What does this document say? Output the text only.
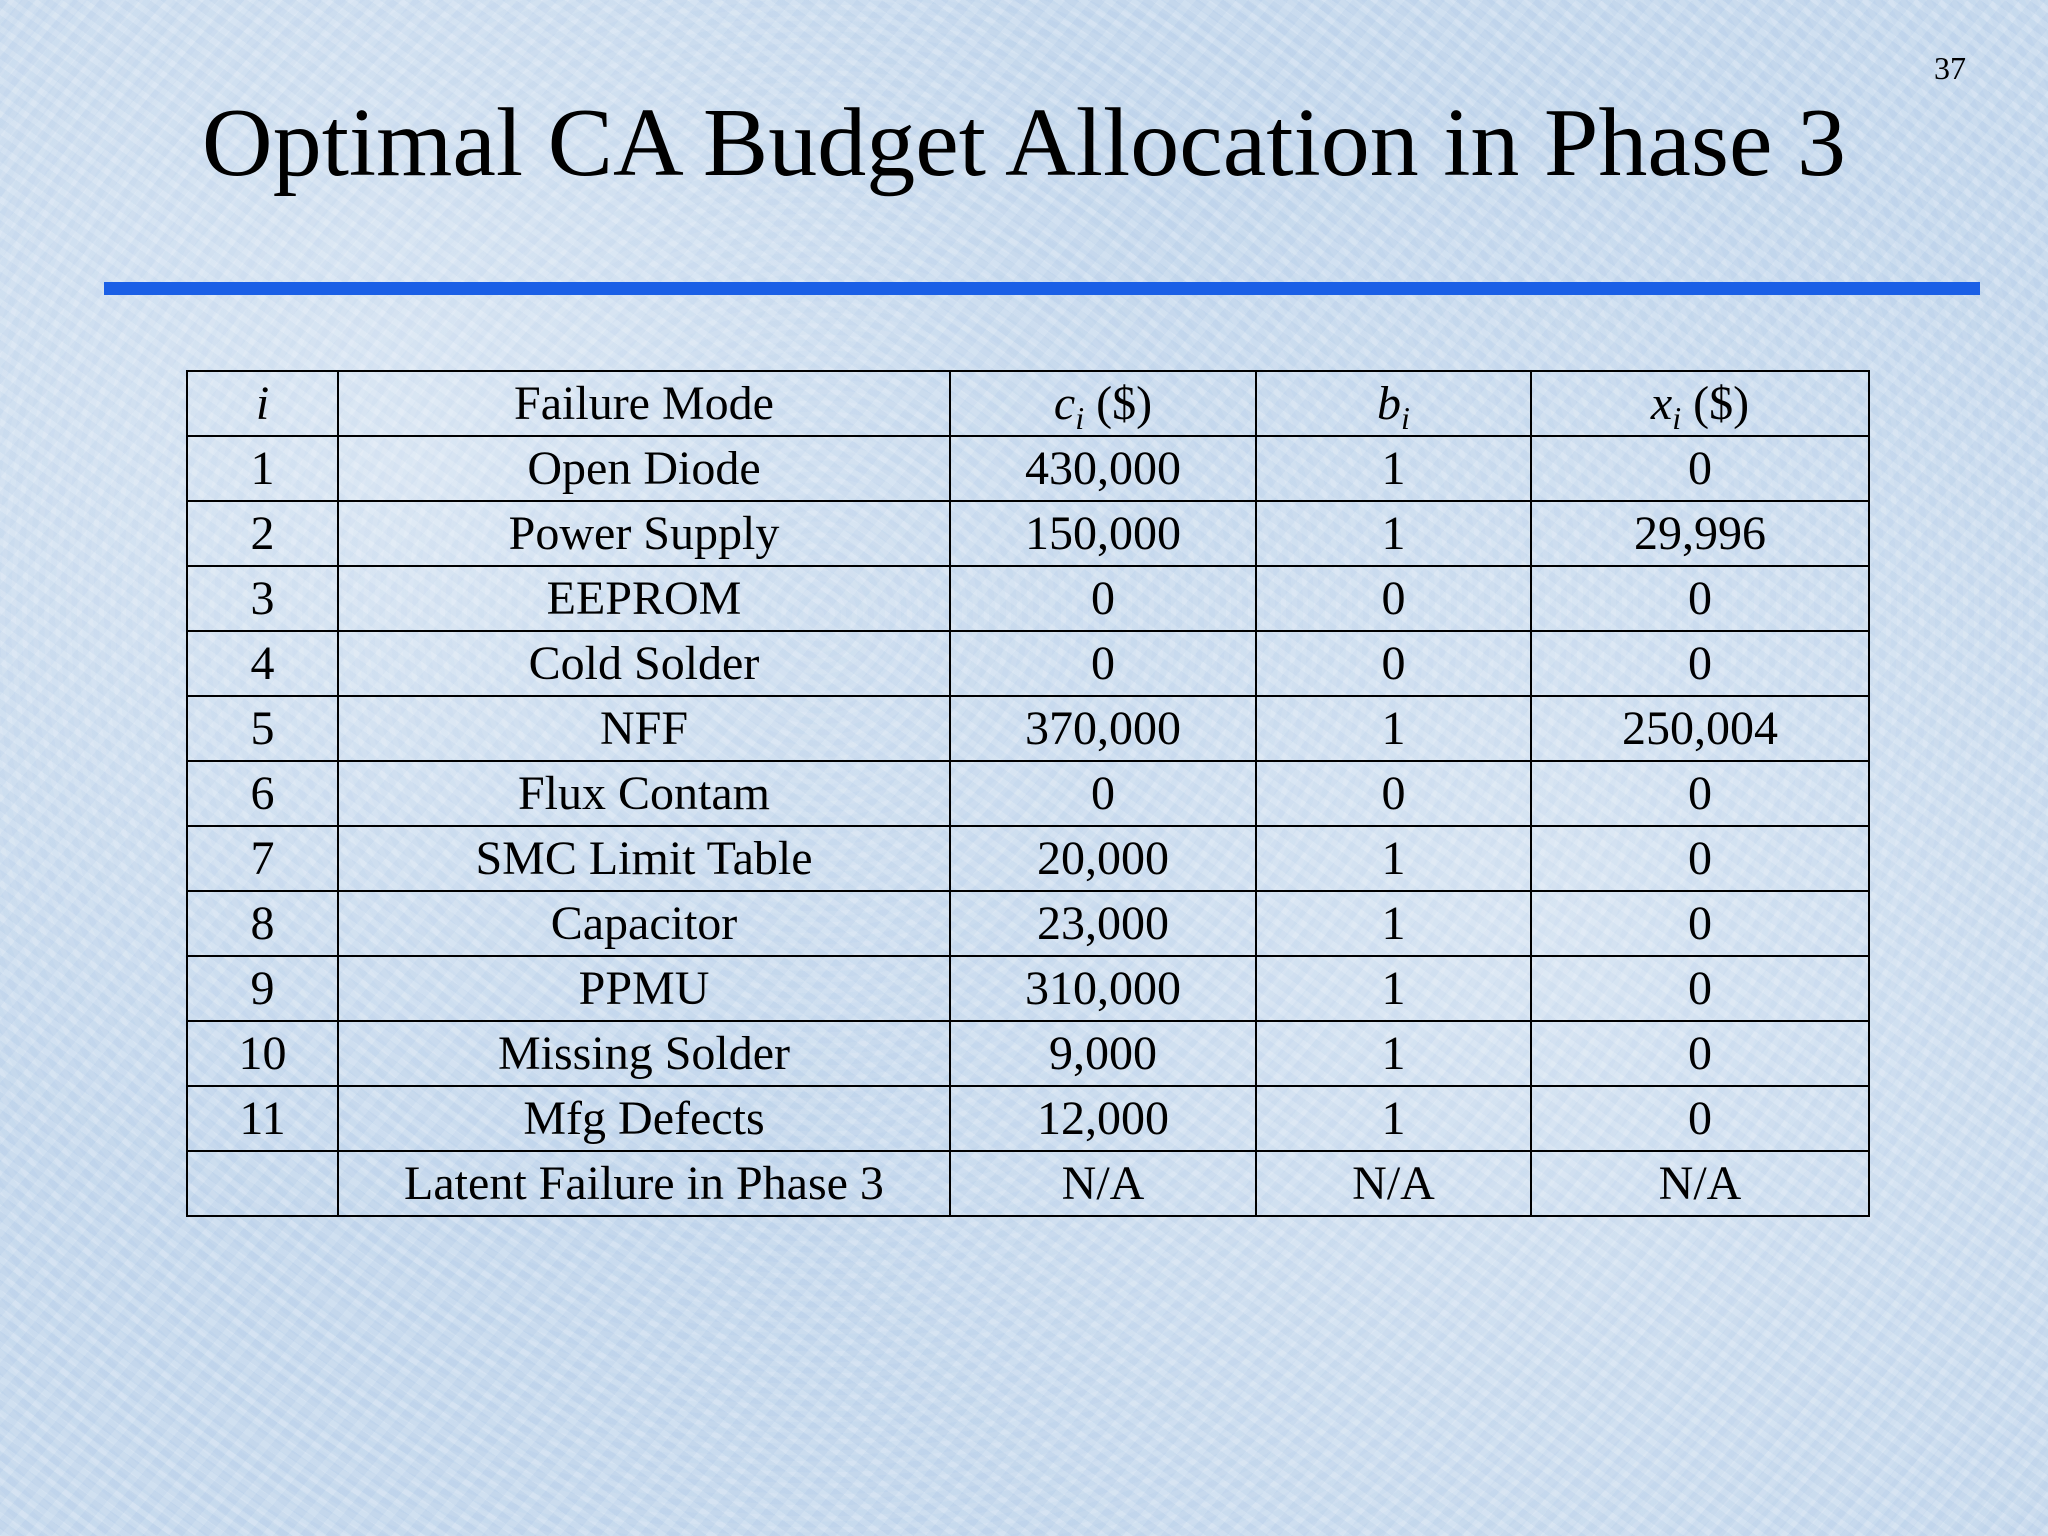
37
Optimal CA Budget Allocation in Phase 3
i	Failure Mode	$c_i$ ($)	$b_i$	$x_i$ ($)
1	Open Diode	430,000	1	0
2	Power Supply	150,000	1	29,996
3	EEPROM	0	0	0
4	Cold Solder	0	0	0
5	NFF	370,000	1	250,004
6	Flux Contam	0	0	0
7	SMC Limit Table	20,000	1	0
8	Capacitor	23,000	1	0
9	PPMU	310,000	1	0
10	Missing Solder	9,000	1	0
11	Mfg Defects	12,000	1	0
	Latent Failure in Phase 3	N/A	N/A	N/A
